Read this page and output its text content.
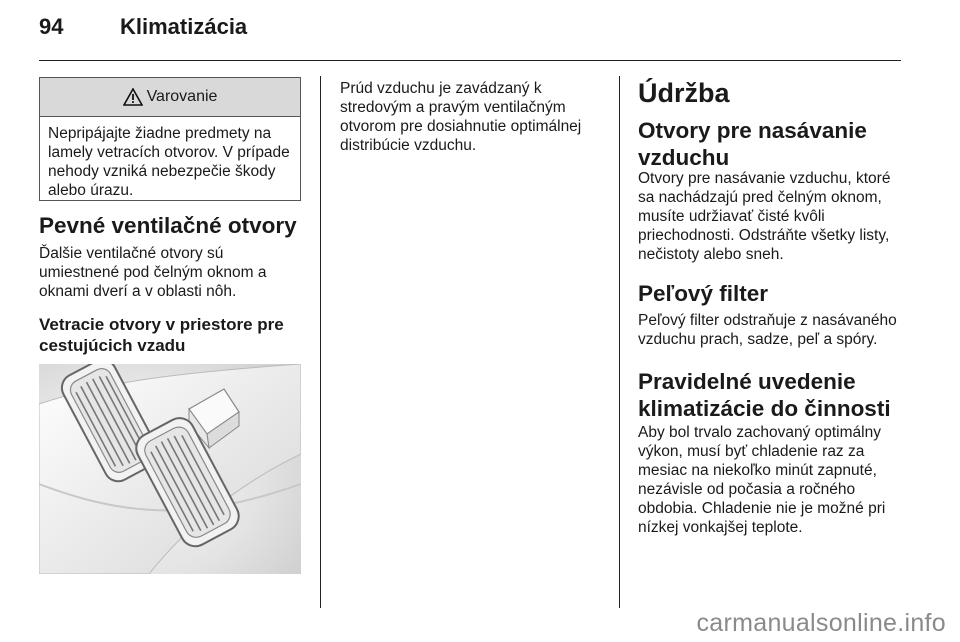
94	Klimatizácia
Varovanie
Nepripájajte žiadne predmety na lamely vetracích otvorov. V prípade nehody vzniká nebezpečie škody alebo úrazu.
Pevné ventilačné otvory

Ďalšie ventilačné otvory sú umiestnené pod čelným oknom a oknami dverí a v oblasti nôh.

Vetracie otvory v priestore pre cestujúcich vzadu

Prúd vzduchu je zavádzaný k stredovým a pravým ventilačným otvorom pre dosiahnutie optimálnej distribúcie vzduchu.

Údržba
Otvory pre nasávanie vzduchu

Otvory pre nasávanie vzduchu, ktoré sa nachádzajú pred čelným oknom, musíte udržiavať čisté kvôli priechodnosti. Odstráňte všetky listy, nečistoty alebo sneh.

Peľový filter

Peľový filter odstraňuje z nasávaného vzduchu prach, sadze, peľ a spóry.

Pravidelné uvedenie klimatizácie do činnosti

Aby bol trvalo zachovaný optimálny výkon, musí byť chladenie raz za mesiac na niekoľko minút zapnuté, nezávisle od počasia a ročného obdobia. Chladenie nie je možné pri nízkej vonkajšej teplote.

carmanualsonline.info
